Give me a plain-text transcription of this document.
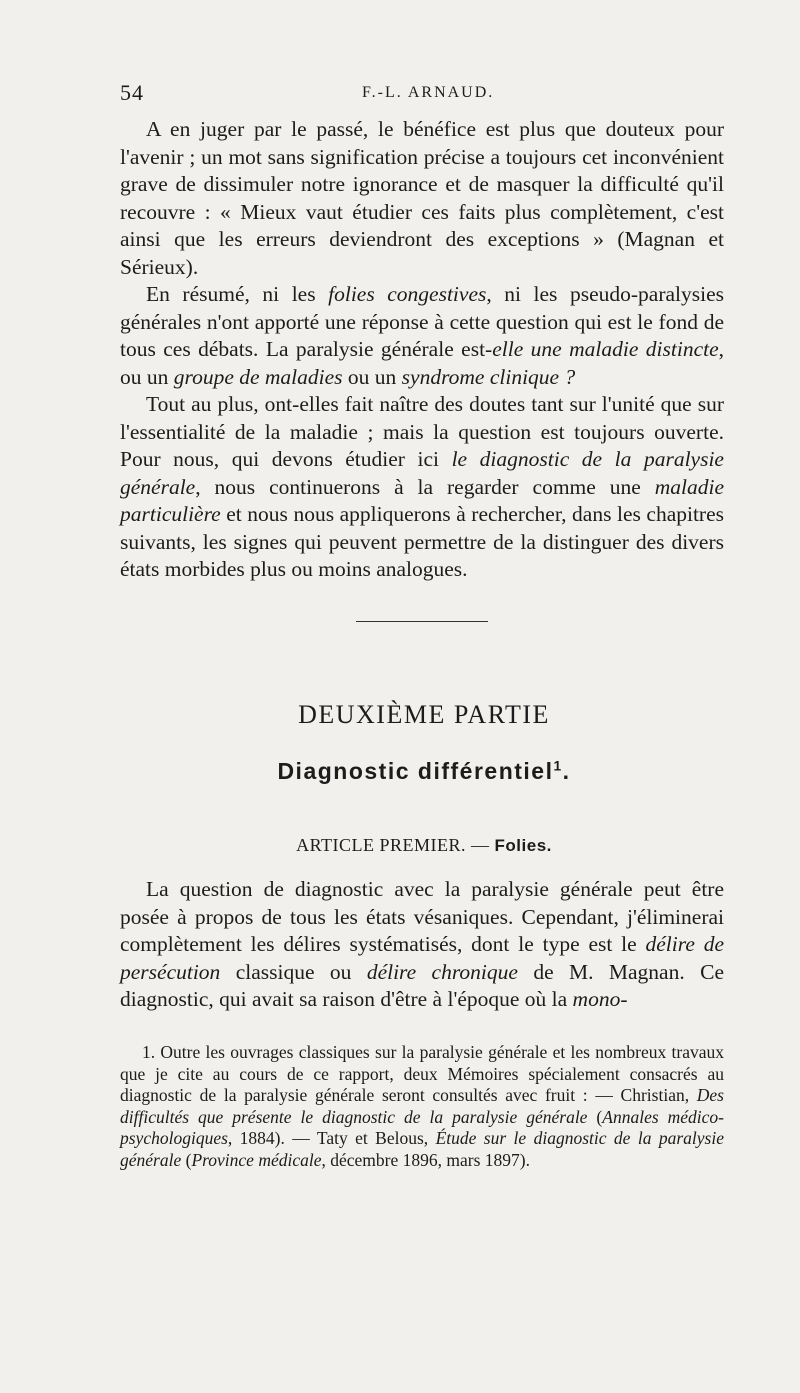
54	F.-L. ARNAUD.

A en juger par le passé, le bénéfice est plus que douteux pour l'avenir ; un mot sans signification précise a toujours cet inconvénient grave de dissimuler notre ignorance et de masquer la difficulté qu'il recouvre : « Mieux vaut étudier ces faits plus complètement, c'est ainsi que les erreurs deviendront des exceptions » (Magnan et Sérieux).

En résumé, ni les folies congestives, ni les pseudo-paralysies générales n'ont apporté une réponse à cette question qui est le fond de tous ces débats. La paralysie générale est-elle une maladie distincte, ou un groupe de maladies ou un syndrome clinique ?

Tout au plus, ont-elles fait naître des doutes tant sur l'unité que sur l'essentialité de la maladie ; mais la question est toujours ouverte. Pour nous, qui devons étudier ici le diagnostic de la paralysie générale, nous continuerons à la regarder comme une maladie particulière et nous nous appliquerons à rechercher, dans les chapitres suivants, les signes qui peuvent permettre de la distinguer des divers états morbides plus ou moins analogues.

DEUXIÈME PARTIE
Diagnostic différentiel$^1$.
ARTICLE PREMIER. — Folies.

La question de diagnostic avec la paralysie générale peut être posée à propos de tous les états vésaniques. Cependant, j'éliminerai complètement les délires systématisés, dont le type est le délire de persécution classique ou délire chronique de M. Magnan. Ce diagnostic, qui avait sa raison d'être à l'époque où la mono-

1. Outre les ouvrages classiques sur la paralysie générale et les nombreux travaux que je cite au cours de ce rapport, deux Mémoires spécialement consacrés au diagnostic de la paralysie générale seront consultés avec fruit : — Christian, Des difficultés que présente le diagnostic de la paralysie générale (Annales médico-psychologiques, 1884). — Taty et Belous, Étude sur le diagnostic de la paralysie générale (Province médicale, décembre 1896, mars 1897).
